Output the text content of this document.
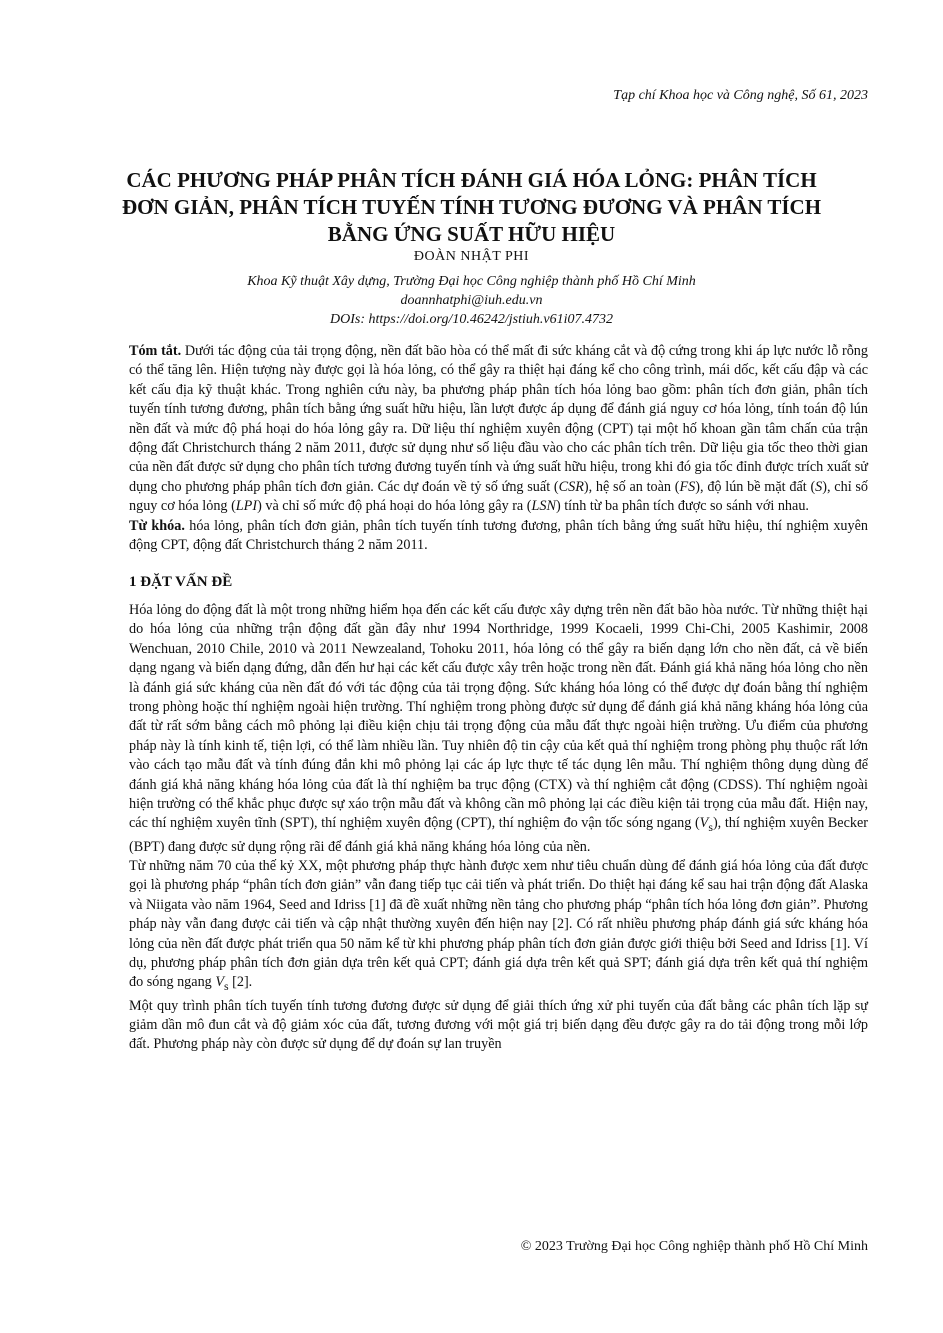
Tạp chí Khoa học và Công nghệ, Số 61, 2023
CÁC PHƯƠNG PHÁP PHÂN TÍCH ĐÁNH GIÁ HÓA LỎNG: PHÂN TÍCH
ĐƠN GIẢN, PHÂN TÍCH TUYẾN TÍNH TƯƠNG ĐƯƠNG VÀ PHÂN TÍCH
BẰNG ỨNG SUẤT HỮU HIỆU
ĐOÀN NHẬT PHI
Khoa Kỹ thuật Xây dựng, Trường Đại học Công nghiệp thành phố Hồ Chí Minh
doannhatphi@iuh.edu.vn
DOIs: https://doi.org/10.46242/jstiuh.v61i07.4732

Tóm tắt. Dưới tác động của tải trọng động, nền đất bão hòa có thể mất đi sức kháng cắt và độ cứng trong khi áp lực nước lỗ rỗng có thể tăng lên. Hiện tượng này được gọi là hóa lỏng, có thể gây ra thiệt hại đáng kể cho công trình, mái dốc, kết cấu đập và các kết cấu địa kỹ thuật khác. Trong nghiên cứu này, ba phương pháp phân tích hóa lỏng bao gồm: phân tích đơn giản, phân tích tuyến tính tương đương, phân tích bằng ứng suất hữu hiệu, lần lượt được áp dụng để đánh giá nguy cơ hóa lỏng, tính toán độ lún nền đất và mức độ phá hoại do hóa lỏng gây ra. Dữ liệu thí nghiệm xuyên động (CPT) tại một hố khoan gần tâm chấn của trận động đất Christchurch tháng 2 năm 2011, được sử dụng như số liệu đầu vào cho các phân tích trên. Dữ liệu gia tốc theo thời gian của nền đất được sử dụng cho phân tích tương đương tuyến tính và ứng suất hữu hiệu, trong khi đó gia tốc đỉnh được trích xuất sử dụng cho phương pháp phân tích đơn giản. Các dự đoán về tỷ số ứng suất (CSR), hệ số an toàn (FS), độ lún bề mặt đất (S), chỉ số nguy cơ hóa lỏng (LPI) và chỉ số mức độ phá hoại do hóa lỏng gây ra (LSN) tính từ ba phân tích được so sánh với nhau.

Từ khóa. hóa lỏng, phân tích đơn giản, phân tích tuyến tính tương đương, phân tích bằng ứng suất hữu hiệu, thí nghiệm xuyên động CPT, động đất Christchurch tháng 2 năm 2011.

1 ĐẶT VẤN ĐỀ

Hóa lỏng do động đất là một trong những hiểm họa đến các kết cấu được xây dựng trên nền đất bão hòa nước. Từ những thiệt hại do hóa lỏng của những trận động đất gần đây như 1994 Northridge, 1999 Kocaeli, 1999 Chi-Chi, 2005 Kashimir, 2008 Wenchuan, 2010 Chile, 2010 và 2011 Newzealand, Tohoku 2011, hóa lỏng có thể gây ra biến dạng lớn cho nền đất, cả về biến dạng ngang và biến dạng đứng, dẫn đến hư hại các kết cấu được xây trên hoặc trong nền đất. Đánh giá khả năng hóa lỏng cho nền là đánh giá sức kháng của nền đất đó với tác động của tải trọng động. Sức kháng hóa lỏng có thể được dự đoán bằng thí nghiệm trong phòng hoặc thí nghiệm ngoài hiện trường. Thí nghiệm trong phòng được sử dụng để đánh giá khả năng kháng hóa lỏng của đất từ rất sớm bằng cách mô phỏng lại điều kiện chịu tải trọng động của mẫu đất thực ngoài hiện trường. Ưu điểm của phương pháp này là tính kinh tế, tiện lợi, có thể làm nhiều lần. Tuy nhiên độ tin cậy của kết quả thí nghiệm trong phòng phụ thuộc rất lớn vào cách tạo mẫu đất và tính đúng đắn khi mô phỏng lại các áp lực thực tế tác dụng lên mẫu. Thí nghiệm thông dụng dùng để đánh giá khả năng kháng hóa lỏng của đất là thí nghiệm ba trục động (CTX) và thí nghiệm cắt động (CDSS). Thí nghiệm ngoài hiện trường có thể khắc phục được sự xáo trộn mẫu đất và không cần mô phỏng lại các điều kiện tải trọng của mẫu đất. Hiện nay, các thí nghiệm xuyên tĩnh (SPT), thí nghiệm xuyên động (CPT), thí nghiệm đo vận tốc sóng ngang $(V_s)$, thí nghiệm xuyên Becker (BPT) đang được sử dụng rộng rãi để đánh giá khả năng kháng hóa lỏng của nền.

Từ những năm 70 của thế kỷ XX, một phương pháp thực hành được xem như tiêu chuẩn dùng để đánh giá hóa lỏng của đất được gọi là phương pháp “phân tích đơn giản” vẫn đang tiếp tục cải tiến và phát triển. Do thiệt hại đáng kể sau hai trận động đất Alaska và Niigata vào năm 1964, Seed and Idriss [1] đã đề xuất những nền tảng cho phương pháp “phân tích hóa lỏng đơn giản”. Phương pháp này vẫn đang được cải tiến và cập nhật thường xuyên đến hiện nay [2]. Có rất nhiều phương pháp đánh giá sức kháng hóa lỏng của nền đất được phát triển qua 50 năm kể từ khi phương pháp phân tích đơn giản được giới thiệu bởi Seed and Idriss [1]. Ví dụ, phương pháp phân tích đơn giản dựa trên kết quả CPT; đánh giá dựa trên kết quả SPT; đánh giá dựa trên kết quả thí nghiệm đo sóng ngang $V_s$ [2].

Một quy trình phân tích tuyến tính tương đương được sử dụng để giải thích ứng xử phi tuyến của đất bằng các phân tích lặp sự giảm dần mô đun cắt và độ giảm xóc của đất, tương đương với một giá trị biến dạng đều được gây ra do tải động trong mỗi lớp đất. Phương pháp này còn được sử dụng để dự đoán sự lan truyền

© 2023 Trường Đại học Công nghiệp thành phố Hồ Chí Minh
